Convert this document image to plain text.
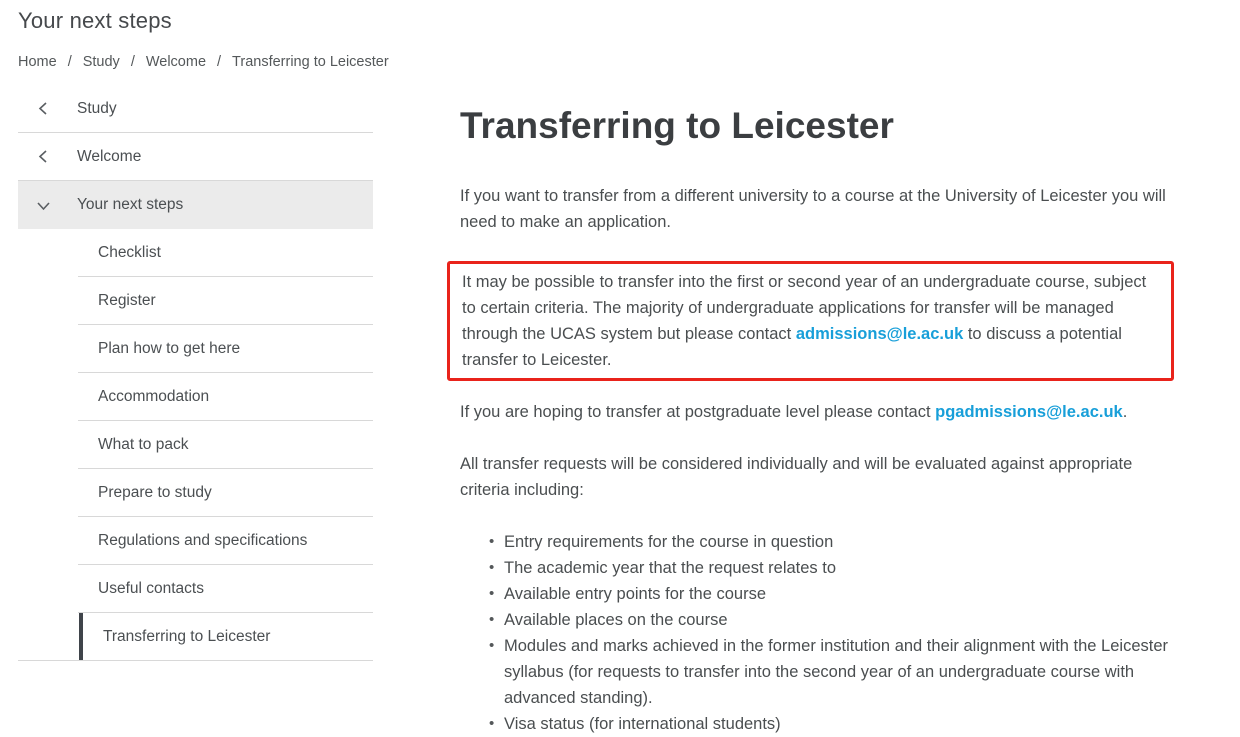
Your next steps
Home / Study / Welcome / Transferring to Leicester
Study
Welcome
Your next steps
Checklist
Register
Plan how to get here
Accommodation
What to pack
Prepare to study
Regulations and specifications
Useful contacts
Transferring to Leicester
Transferring to Leicester

If you want to transfer from a different university to a course at the University of Leicester you will need to make an application.

It may be possible to transfer into the first or second year of an undergraduate course, subject to certain criteria. The majority of undergraduate applications for transfer will be managed through the UCAS system but please contact admissions@le.ac.uk to discuss a potential transfer to Leicester.

If you are hoping to transfer at postgraduate level please contact pgadmissions@le.ac.uk.

All transfer requests will be considered individually and will be evaluated against appropriate criteria including:

• Entry requirements for the course in question
• The academic year that the request relates to
• Available entry points for the course
• Available places on the course
• Modules and marks achieved in the former institution and their alignment with the Leicester syllabus (for requests to transfer into the second year of an undergraduate course with advanced standing).
• Visa status (for international students)
